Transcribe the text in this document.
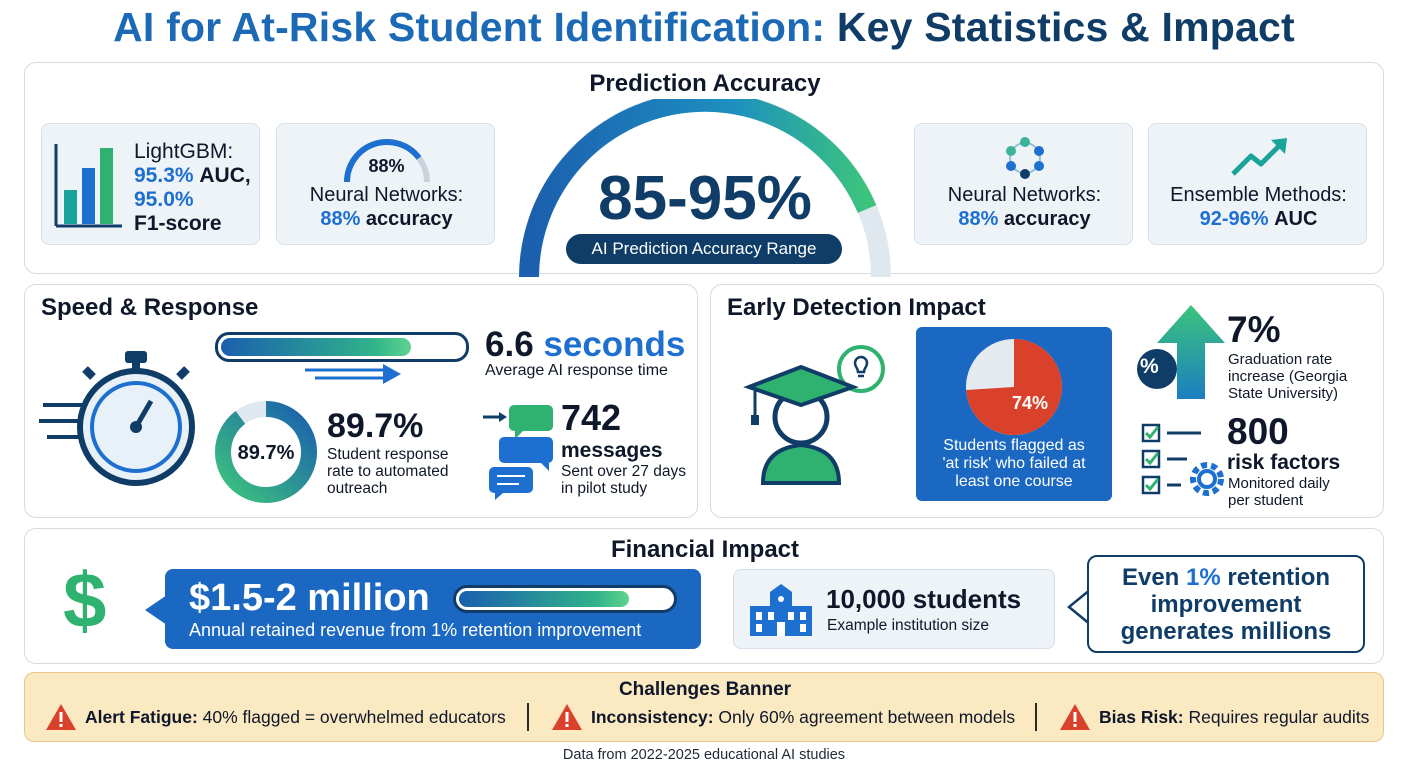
AI for At-Risk Student Identification: Key Statistics & Impact
Prediction Accuracy
LightGBM:
95.3% AUC,
95.0%
F1-score
88%
Neural Networks:
88% accuracy	85-95%
AI Prediction Accuracy Range
Neural Networks:
88% accuracy
Ensemble Methods:
92-96% AUC
Speed & Response
6.6 seconds
Average AI response time
89.7%
89.7%
Student response
rate to automated
outreach
742
messages
Sent over 27 days
in pilot study
Early Detection Impact
74%
Students flagged as
'at risk' who failed at
least one course
%
7%
Graduation rate
increase (Georgia
State University)
800
risk factors
Monitored daily
per student
Financial Impact
$ $1.5-2 million
Annual retained revenue from 1% retention improvement
10,000 students
Example institution size
Even 1% retention
improvement
generates millions
Challenges Banner
Alert Fatigue: 40% flagged = overwhelmed educators	Inconsistency: Only 60% agreement between models	Bias Risk: Requires regular audits
Data from 2022-2025 educational AI studies
